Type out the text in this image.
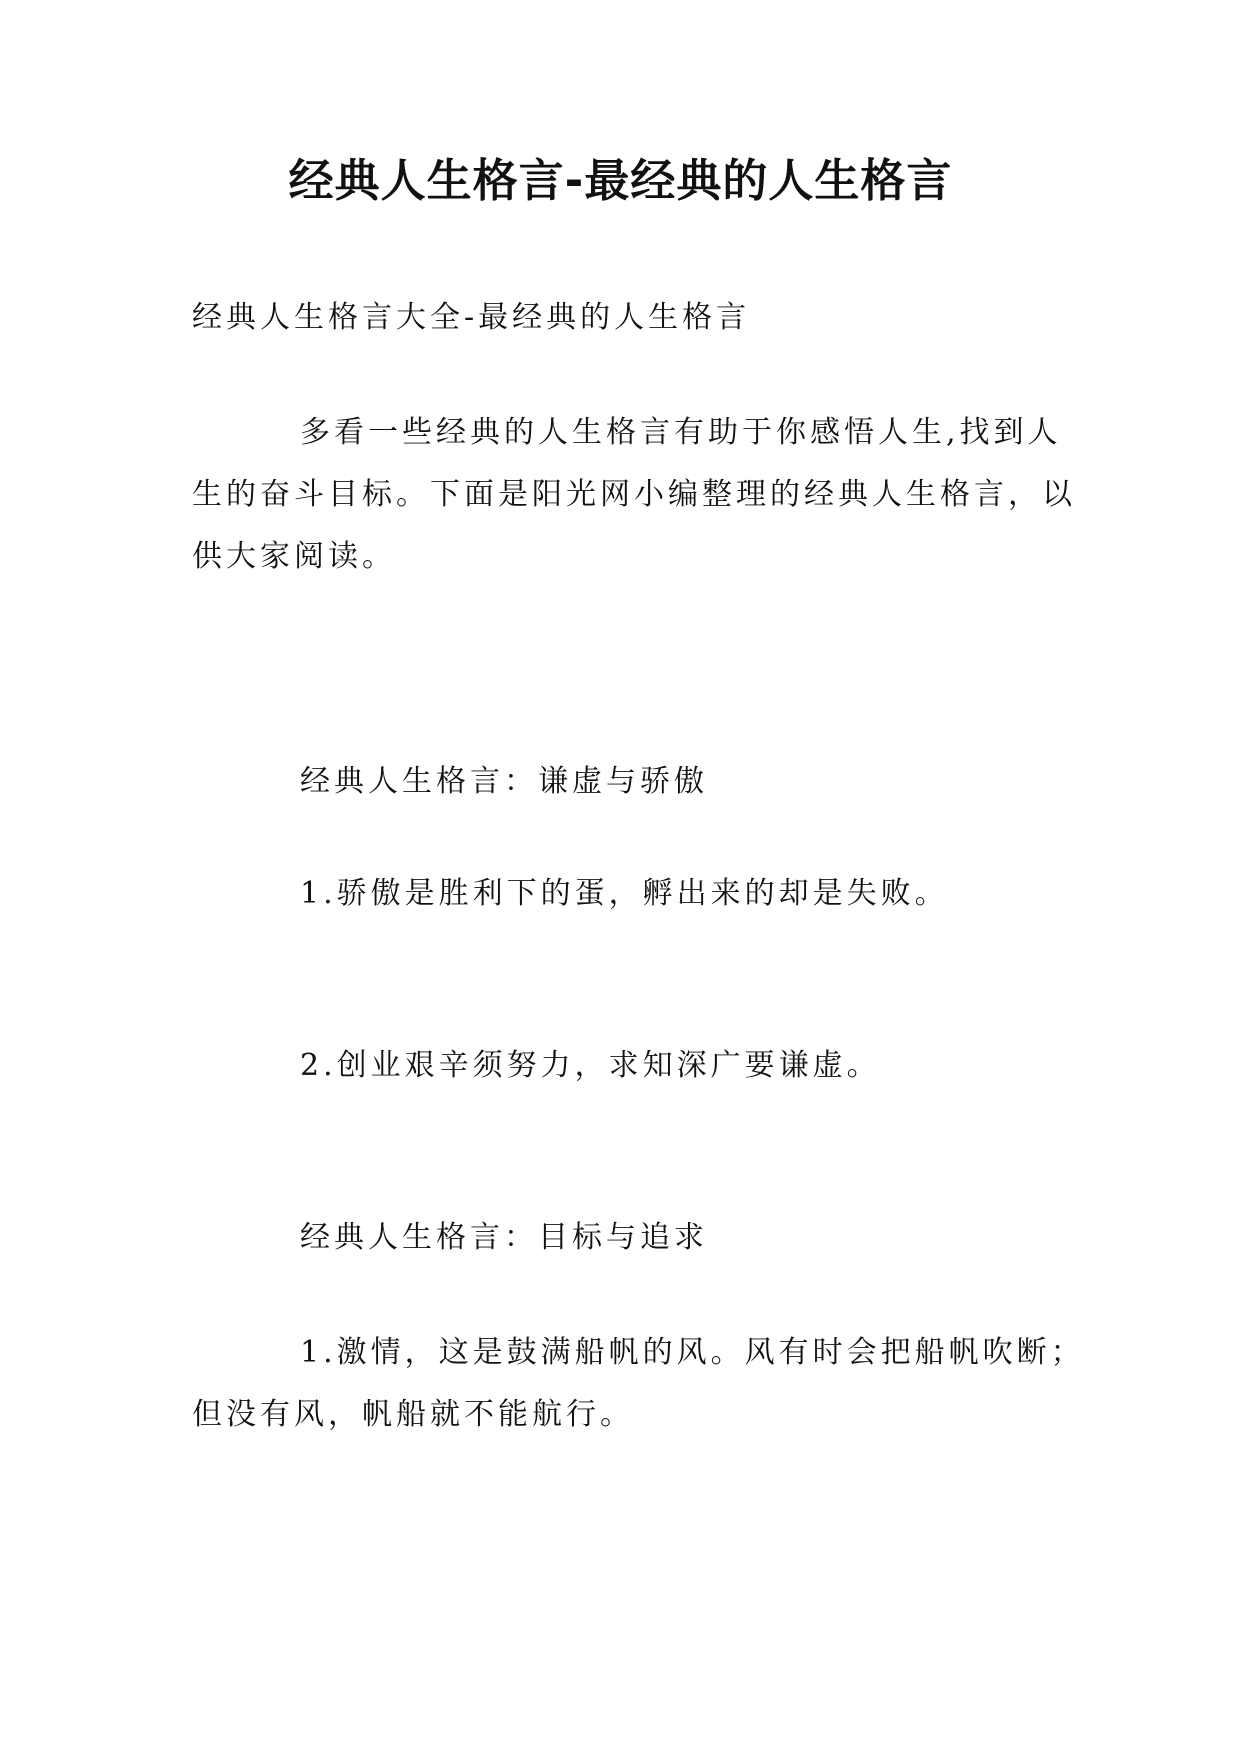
经典人生格言-最经典的人生格言
经典人生格言大全-最经典的人生格言
多看一些经典的人生格言有助于你感悟人生,找到人
生的奋斗目标。下面是阳光网小编整理的经典人生格言，以
供大家阅读。
经典人生格言：谦虚与骄傲
1.骄傲是胜利下的蛋，孵出来的却是失败。
2.创业艰辛须努力，求知深广要谦虚。
经典人生格言：目标与追求
1.激情，这是鼓满船帆的风。风有时会把船帆吹断；
但没有风，帆船就不能航行。
